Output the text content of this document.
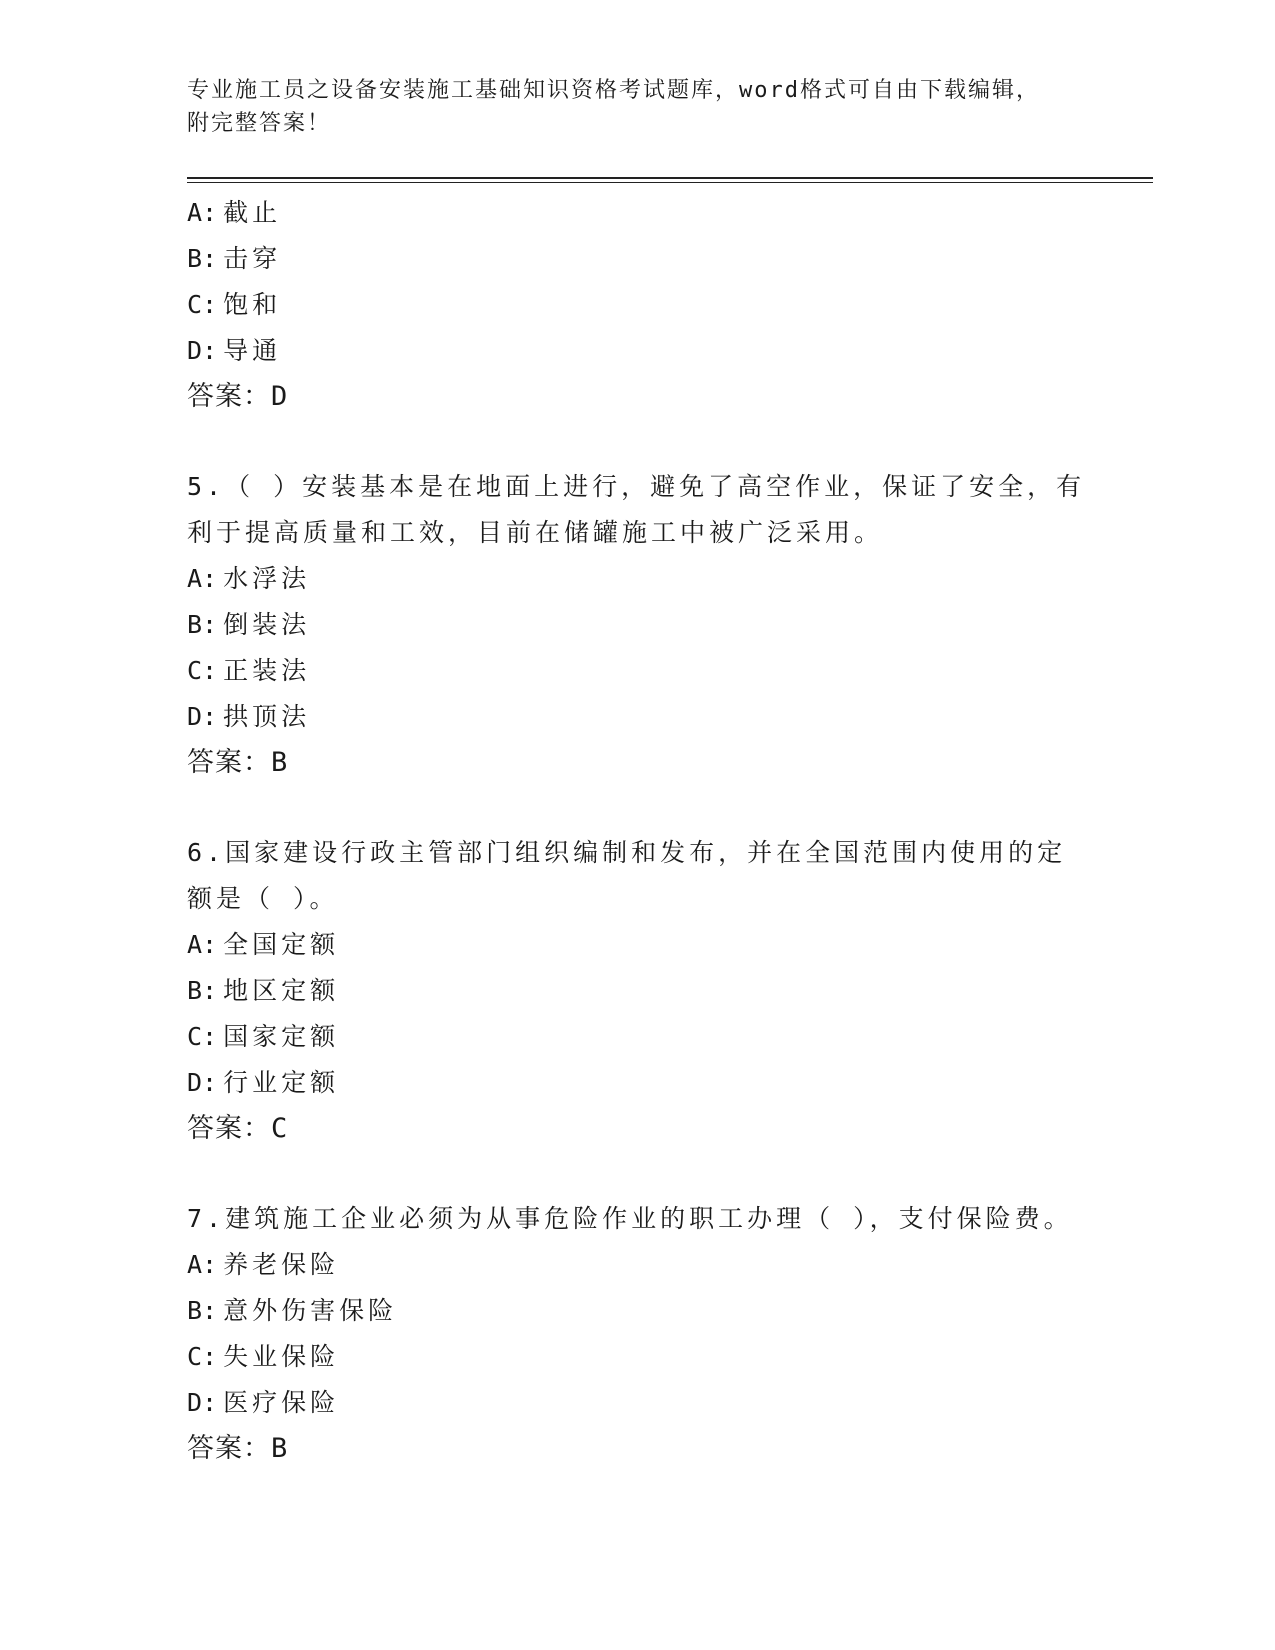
专业施工员之设备安装施工基础知识资格考试题库，word格式可自由下载编辑，
附完整答案！
A: 截止
B: 击穿
C: 饱和
D: 导通
答案：D
5.（ ）安装基本是在地面上进行，避免了高空作业，保证了安全，有
利于提高质量和工效，目前在储罐施工中被广泛采用。
A: 水浮法
B: 倒装法
C: 正装法
D: 拱顶法
答案：B
6.国家建设行政主管部门组织编制和发布，并在全国范围内使用的定
额是（ ）。
A: 全国定额
B: 地区定额
C: 国家定额
D: 行业定额
答案：C
7.建筑施工企业必须为从事危险作业的职工办理（ ），支付保险费。
A: 养老保险
B: 意外伤害保险
C: 失业保险
D: 医疗保险
答案：B
